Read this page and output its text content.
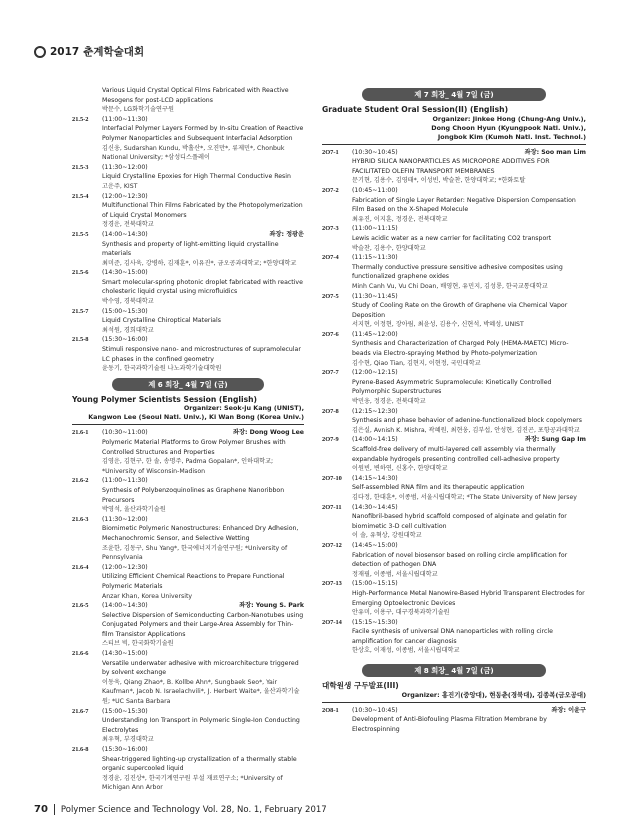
2017 춘계학술대회
Various Liquid Crystal Optical Films Fabricated with Reactive Mesogens for post-LCD applications
박문수, LG화학기술연구원
21.5-2	(11:00~11:30)
Interfacial Polymer Layers Formed by In-situ Creation of Reactive Polymer Nanoparticles and Subsequent Interfacial Adsorption
김신웅, Sudarshan Kundu, 박홀산*, 오진만*, 류제민*, Chonbuk National University; *삼성디스플레이
21.5-3	(11:30~12:00)
Liquid Crystalline Epoxies for High Thermal Conductive Resin
고운주, KIST
21.5-4	(12:00~12:30)
Multifunctional Thin Films Fabricated by the Photopolymerization of Liquid Crystal Monomers
정경운, 전북대학교
21.5-5	(14:00~14:30)	좌장: 정광운
Synthesis and property of light-emitting liquid crystalline materials
최미준, 김사욱, 강병하, 김재훈*, 이유진*, 금오공과대학교; *한양대학교
21.5-6	(14:30~15:00)
Smart molecular-spring photonic droplet fabricated with reactive cholesteric liquid crystal using microfluidics
박수영, 경북대학교
21.5-7	(15:00~15:30)
Liquid Crystalline Chiroptical Materials
최석원, 경희대학교
21.5-8	(15:30~16:00)
Stimuli responsive nano- and microstructures of supramolecular LC phases in the confined geometry
윤동기, 한국과학기술원 나노과학기술대학원
제 6 회장_ 4월 7일 (금)
Young Polymer Scientists Session (English)
Organizer: Seok-ju Kang (UNIST),
Kangwon Lee (Seoul Natl. Univ.), Ki Wan Bong (Korea Univ.)
21.6-1	(10:30~11:00)	좌장: Dong Woog Lee
Polymeric Material Platforms to Grow Polymer Brushes with Controlled Structures and Properties
김영운, 김현구, 한 솔, 송명주, Padma Gopalan*, 인하대학교; *University of Wisconsin-Madison
21.6-2	(11:00~11:30)
Synthesis of Polybenzoquinolines as Graphene Nanoribbon Precursors
박영석, 울산과학기술원
21.6-3	(11:30~12:00)
Biomimetic Polymeric Nanostructures: Enhanced Dry Adhesion, Mechanochromic Sensor, and Selective Wetting
조윤한, 김동구, Shu Yang*, 한국에너지기술연구원; *University of Pennsylvania
21.6-4	(12:00~12:30)
Utilizing Efficient Chemical Reactions to Prepare Functional Polymeric Materials
Anzar Khan, Korea University
21.6-5	(14:00~14:30)	좌장: Young S. Park
Selective Dispersion of Semiconducting Carbon-Nanotubes using Conjugated Polymers and their Large-Area Assembly for Thin-film Transistor Applications
스티브 빅, 한국화학기술원
21.6-6	(14:30~15:00)
Versatile underwater adhesive with microarchitecture triggered by solvent exchange
이동욱, Qiang Zhao*, B. Kollbe Ahn*, Sungbaek Seo*, Yair Kaufman*, Jacob N. Israelachvili*, J. Herbert Waite*, 울산과학기술원; *UC Santa Barbara
21.6-7	(15:00~15:30)
Understanding Ion Transport in Polymeric Single-Ion Conducting Electrolytes
최우혁, 부경대학교
21.6-8	(15:30~16:00)
Shear-triggered lighting-up crystallization of a thermally stable organic supercooled liquid
정경윤, 김진상*, 한국기계연구원 부설 재료연구소; *University of Michigan Ann Arbor
제 7 회장_ 4월 7일 (금)
Graduate Student Oral Session(II) (English)
Organizer: Jinkee Hong (Chung-Ang Univ.),
Dong Choon Hyun (Kyungpook Natl. Univ.),
Jongbok Kim (Kumoh Natl. Inst. Technol.)
2O7-1	(10:30~10:45)	좌장: Soo man Lim
HYBRID SILICA NANOPARTICLES AS MICROPORE ADDITIVES FOR FACILITATED OLEFIN TRANSPORT MEMBRANES
문기현, 김용수, 김영태*, 이성빈, 박슬찬, 한양대학교; *한화토탈
2O7-2	(10:45~11:00)
Fabrication of Single Layer Retarder: Negative Dispersion Compensation Film Based on the X-Shaped Molecule
최유진, 이지훈, 정경운, 전북대학교
2O7-3	(11:00~11:15)
Lewis acidic water as a new carrier for facilitating CO2 transport
박슬찬, 김용수, 한양대학교
2O7-4	(11:15~11:30)
Thermally conductive pressure sensitive adhesive composites using functionalized graphene oxides
Minh Canh Vu, Vu Chi Doan, 배영현, 유민지, 김성룡, 한국교통대학교
2O7-5	(11:30~11:45)
Study of Cooling Rate on the Growth of Graphene via Chemical Vapor Deposition
서지현, 이정현, 장아림, 최윤성, 김용수, 신현석, 박혜성, UNIST
2O7-6	(11:45~12:00)
Synthesis and Characterization of Charged Poly (HEMA-MAETC) Micro-beads via Electro-spraying Method by Photo-polymerization
김수현, Qiao Tian, 김현지, 이현정, 국민대학교
2O7-7	(12:00~12:15)
Pyrene-Based Asymmetric Supramolecule: Kinetically Controlled Polymorphic Superstructures
박민웅, 정경운, 전북대학교
2O7-8	(12:15~12:30)
Synthesis and phase behavior of adenine-functionalized block copolymers
김은실, Avnish K. Mishra, 곽혜원, 최현웅, 김부섭, 안성현, 김진곤, 포항공과대학교
2O7-9	(14:00~14:15)	좌장: Sung Gap Im
Scaffold-free delivery of multi-layered cell assembly via thermally expandable hydrogels presenting controlled cell-adhesive property
이원빈, 변하연, 신홍수, 한양대학교
2O7-10	(14:15~14:30)
Self-assembled RNA film and its therapeutic application
김다정, 한대훈*, 이종범, 서울시립대학교; *The State University of New Jersey
2O7-11	(14:30~14:45)
Nanofibril-based hybrid scaffold composed of alginate and gelatin for biomimetic 3-D cell cultivation
이 솔, 유혁상, 강원대학교
2O7-12	(14:45~15:00)
Fabrication of novel biosensor based on rolling circle amplification for detection of pathogen DNA
정재필, 이종범, 서울시립대학교
2O7-13	(15:00~15:15)
High-Performance Metal Nanowire-Based Hybrid Transparent Electrodes for Emerging Optoelectronic Devices
안유미, 이용구, 대구경북과학기술원
2O7-14	(15:15~15:30)
Facile synthesis of universal DNA nanoparticles with rolling circle amplification for cancer diagnosis
한상호, 이재성, 이종범, 서울시립대학교
제 8 회장_ 4월 7일 (금)
대학원생 구두발표(III)
Organizer: 홍진기(중앙대), 현동춘(경북대), 김종복(금오공대)
2O8-1	(10:30~10:45)	좌장: 이윤구
Development of Anti-Biofouling Plasma Filtration Membrane by Electrospinning
70 Polymer Science and Technology Vol. 28, No. 1, February 2017
